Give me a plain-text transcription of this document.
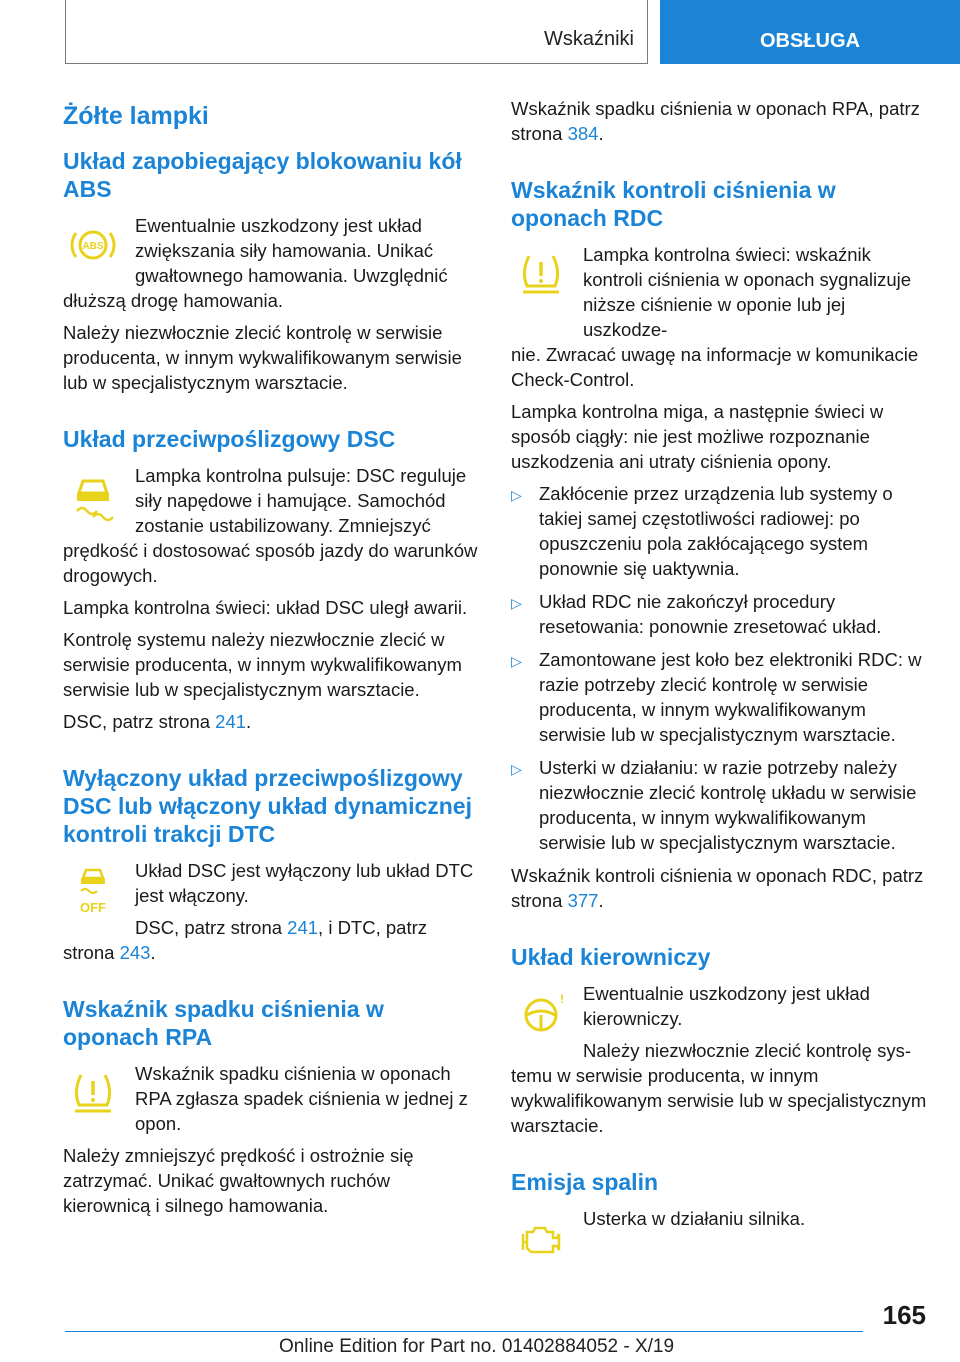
Wskaźniki	OBSŁUGA
Żółte lampki
Układ zapobiegający blokowaniu kół ABS
ABS

Ewentualnie uszkodzony jest układ zwiększania siły hamowania. Unikać gwałtownego hamowania. Uwzględnić

dłuższą drogę hamowania.

Należy niezwłocznie zlecić kontrolę w serwisie producenta, w innym wykwalifikowanym serwisie lub w specjalistycznym warsztacie.

Układ przeciwpoślizgowy DSC

Lampka kontrolna pulsuje: DSC reguluje siły napędowe i hamujące. Samochód zostanie ustabilizowany. Zmniejszyć

prędkość i dostosować sposób jazdy do warunków drogowych.

Lampka kontrolna świeci: układ DSC uległ awarii.

Kontrolę systemu należy niezwłocznie zlecić w serwisie producenta, w innym wykwalifikowanym serwisie lub w specjalistycznym warsztacie.

DSC, patrz strona 241.

Wyłączony układ przeciwpoślizgowy DSC lub włączony układ dynamicznej kontroli trakcji DTC
OFF

Układ DSC jest wyłączony lub układ DTC jest włączony.

DSC, patrz strona 241, i DTC, patrz

strona 243.

Wskaźnik spadku ciśnienia w oponach RPA

Wskaźnik spadku ciśnienia w oponach RPA zgłasza spadek ciśnienia w jednej z opon.

Należy zmniejszyć prędkość i ostrożnie się zatrzymać. Unikać gwałtownych ruchów kierownicą i silnego hamowania.

Wskaźnik spadku ciśnienia w oponach RPA, patrz strona 384.

Wskaźnik kontroli ciśnienia w oponach RDC

Lampka kontrolna świeci: wskaźnik kontroli ciśnienia w oponach sygnalizuje niższe ciśnienie w oponie lub jej uszkodze-

nie. Zwracać uwagę na informacje w komunikacie Check-Control.

Lampka kontrolna miga, a następnie świeci w sposób ciągły: nie jest możliwe rozpoznanie uszkodzenia ani utraty ciśnienia opony.

▷ Zakłócenie przez urządzenia lub systemy o takiej samej częstotliwości radiowej: po opuszczeniu pola zakłócającego system ponownie się uaktywnia.
▷ Układ RDC nie zakończył procedury resetowania: ponownie zresetować układ.
▷ Zamontowane jest koło bez elektroniki RDC: w razie potrzeby zlecić kontrolę w serwisie producenta, w innym wykwalifikowanym serwisie lub w specjalistycznym warsztacie.
▷ Usterki w działaniu: w razie potrzeby należy niezwłocznie zlecić kontrolę układu w serwisie producenta, w innym wykwalifikowanym serwisie lub w specjalistycznym warsztacie.

Wskaźnik kontroli ciśnienia w oponach RDC, patrz strona 377.

Układ kierowniczy
! Ewentualnie uszkodzony jest układ kierowniczy.

Należy niezwłocznie zlecić kontrolę sys-

temu w serwisie producenta, w innym wykwalifikowanym serwisie lub w specjalistycznym warsztacie.

Emisja spalin

Usterka w działaniu silnika.

165
Online Edition for Part no. 01402884052 - X/19
